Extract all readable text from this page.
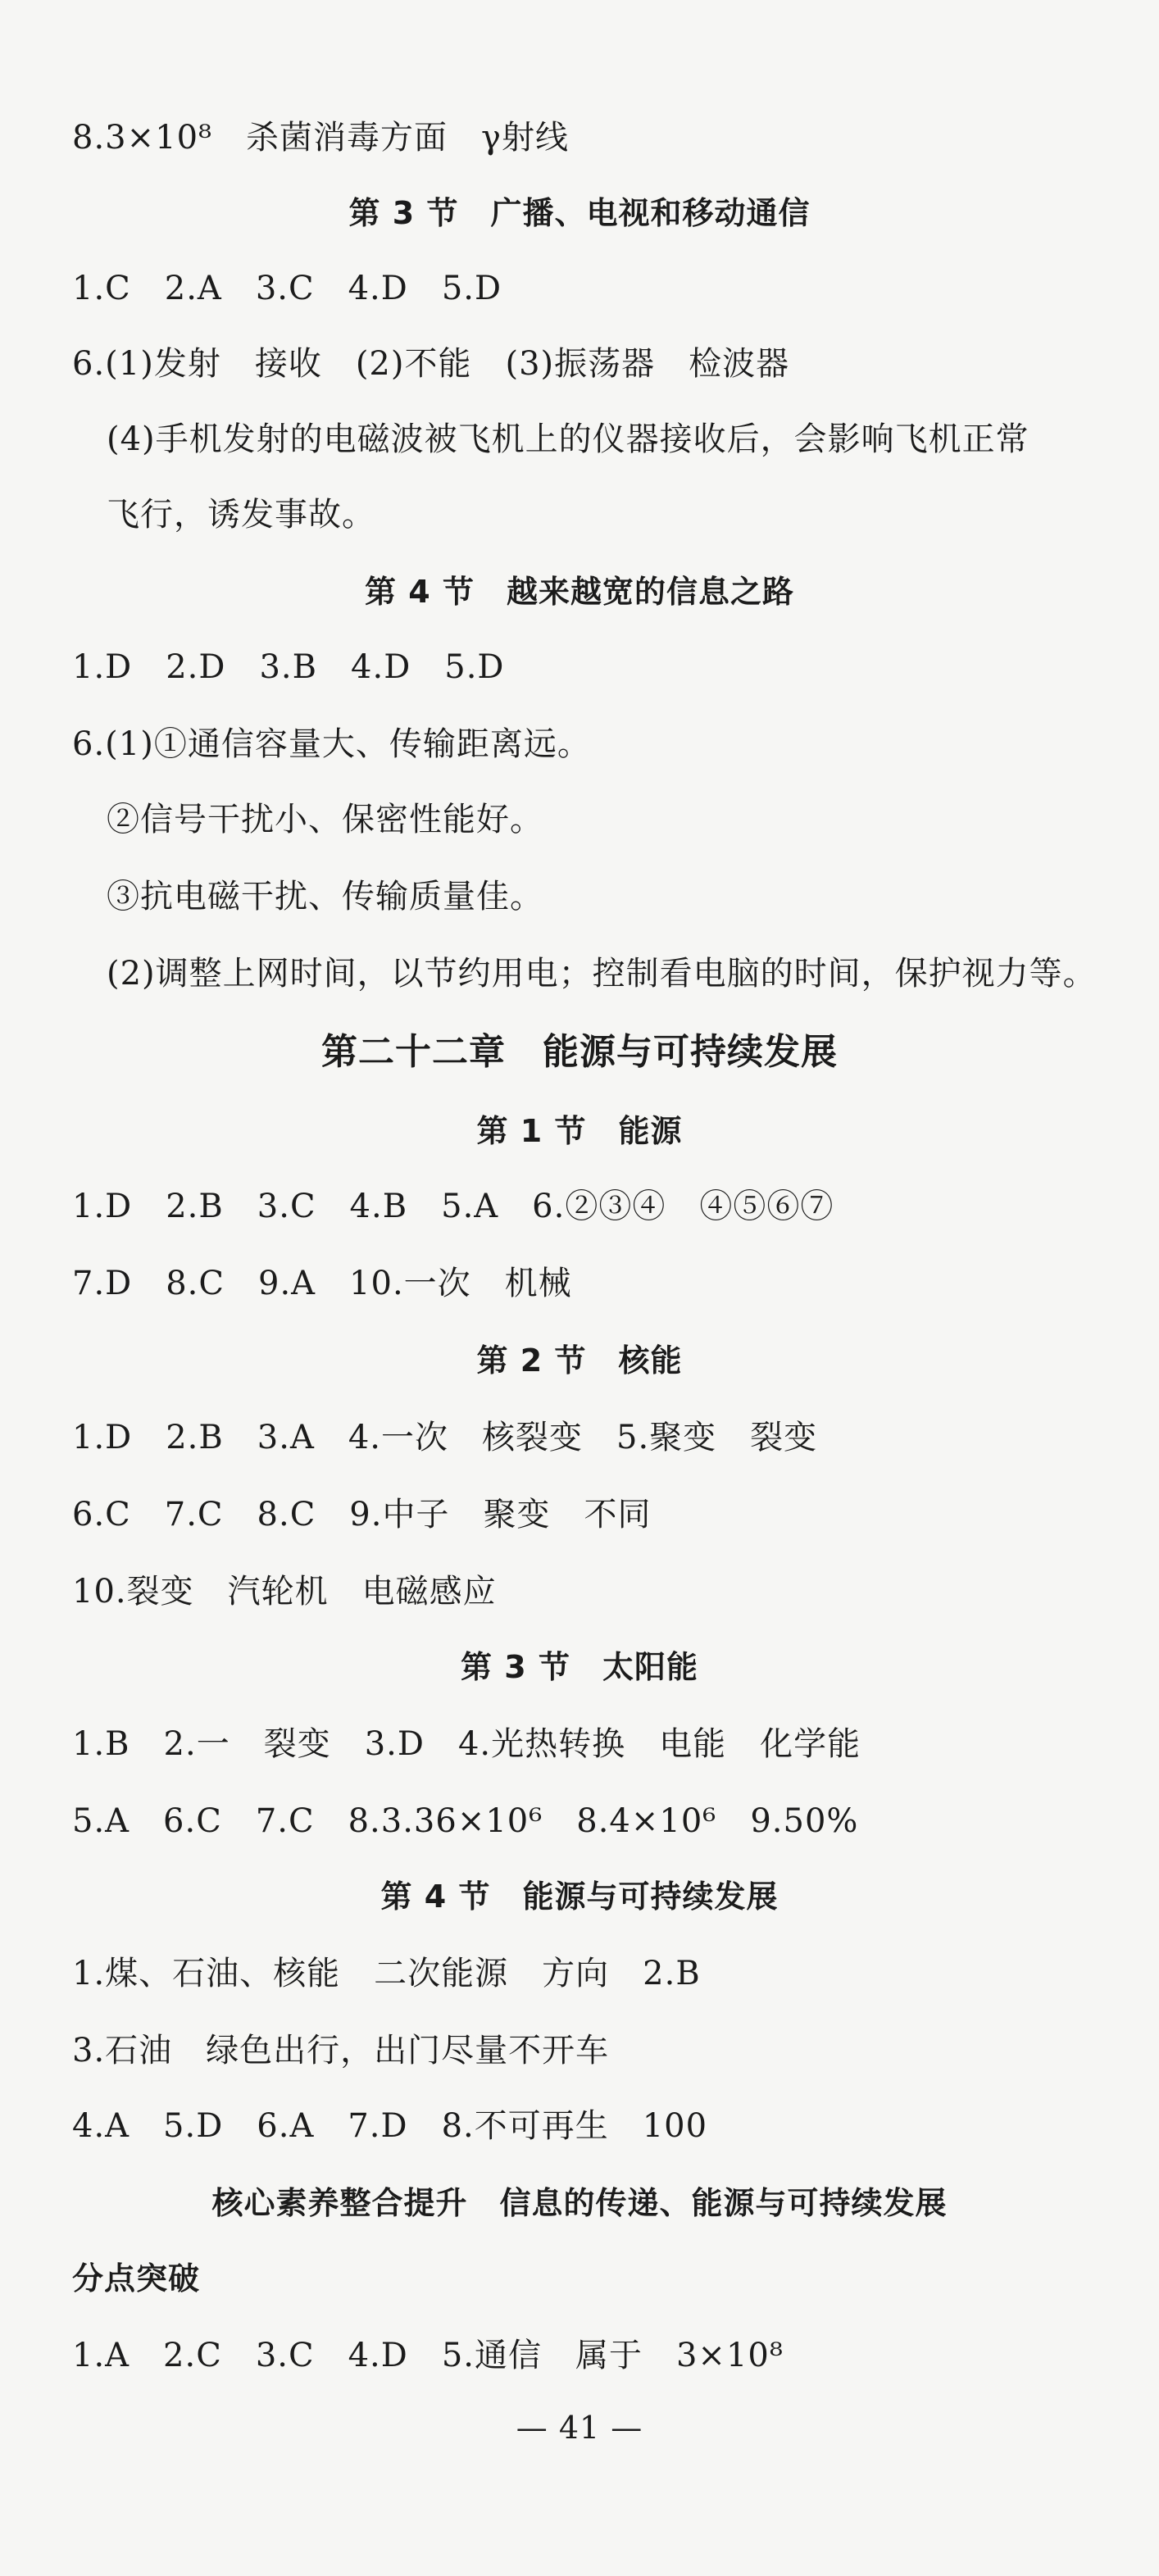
8.3×10⁸　杀菌消毒方面　γ射线
第 3 节　广播、电视和移动通信
1.C　2.A　3.C　4.D　5.D
6.(1)发射　接收　(2)不能　(3)振荡器　检波器
(4)手机发射的电磁波被飞机上的仪器接收后，会影响飞机正常
飞行，诱发事故。
第 4 节　越来越宽的信息之路
1.D　2.D　3.B　4.D　5.D
6.(1)①通信容量大、传输距离远。
②信号干扰小、保密性能好。
③抗电磁干扰、传输质量佳。
(2)调整上网时间，以节约用电；控制看电脑的时间，保护视力等。
第二十二章　能源与可持续发展
第 1 节　能源
1.D　2.B　3.C　4.B　5.A　6.②③④　④⑤⑥⑦
7.D　8.C　9.A　10.一次　机械
第 2 节　核能
1.D　2.B　3.A　4.一次　核裂变　5.聚变　裂变
6.C　7.C　8.C　9.中子　聚变　不同
10.裂变　汽轮机　电磁感应
第 3 节　太阳能
1.B　2.一　裂变　3.D　4.光热转换　电能　化学能
5.A　6.C　7.C　8.3.36×10⁶　8.4×10⁶　9.50%
第 4 节　能源与可持续发展
1.煤、石油、核能　二次能源　方向　2.B
3.石油　绿色出行，出门尽量不开车
4.A　5.D　6.A　7.D　8.不可再生　100
核心素养整合提升　信息的传递、能源与可持续发展
分点突破
1.A　2.C　3.C　4.D　5.通信　属于　3×10⁸
— 41 —
